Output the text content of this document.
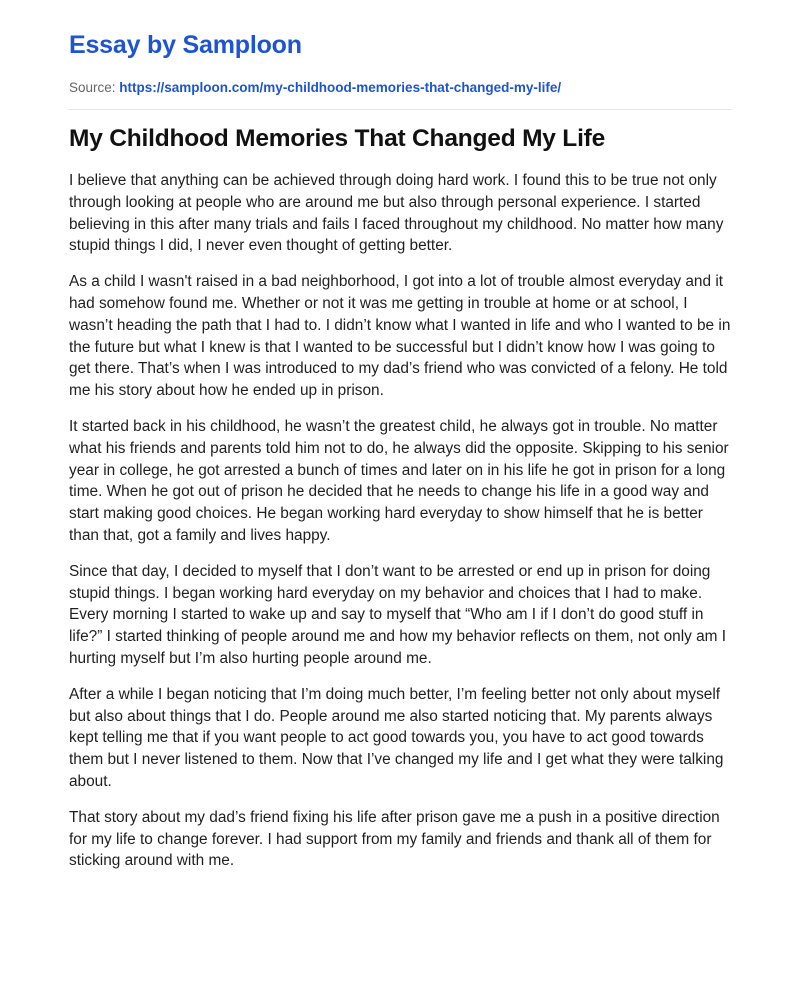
Essay by Samploon
Source: https://samploon.com/my-childhood-memories-that-changed-my-life/
My Childhood Memories That Changed My Life

I believe that anything can be achieved through doing hard work. I found this to be true not only through looking at people who are around me but also through personal experience. I started believing in this after many trials and fails I faced throughout my childhood. No matter how many stupid things I did, I never even thought of getting better.

As a child I wasn't raised in a bad neighborhood, I got into a lot of trouble almost everyday and it had somehow found me. Whether or not it was me getting in trouble at home or at school, I wasn’t heading the path that I had to. I didn’t know what I wanted in life and who I wanted to be in the future but what I knew is that I wanted to be successful but I didn’t know how I was going to get there. That’s when I was introduced to my dad’s friend who was convicted of a felony. He told me his story about how he ended up in prison.

It started back in his childhood, he wasn’t the greatest child, he always got in trouble. No matter what his friends and parents told him not to do, he always did the opposite. Skipping to his senior year in college, he got arrested a bunch of times and later on in his life he got in prison for a long time. When he got out of prison he decided that he needs to change his life in a good way and start making good choices. He began working hard everyday to show himself that he is better than that, got a family and lives happy.

Since that day, I decided to myself that I don’t want to be arrested or end up in prison for doing stupid things. I began working hard everyday on my behavior and choices that I had to make. Every morning I started to wake up and say to myself that “Who am I if I don’t do good stuff in life?” I started thinking of people around me and how my behavior reflects on them, not only am I hurting myself but I’m also hurting people around me.

After a while I began noticing that I’m doing much better, I’m feeling better not only about myself but also about things that I do. People around me also started noticing that. My parents always kept telling me that if you want people to act good towards you, you have to act good towards them but I never listened to them. Now that I’ve changed my life and I get what they were talking about.

That story about my dad’s friend fixing his life after prison gave me a push in a positive direction for my life to change forever. I had support from my family and friends and thank all of them for sticking around with me.
